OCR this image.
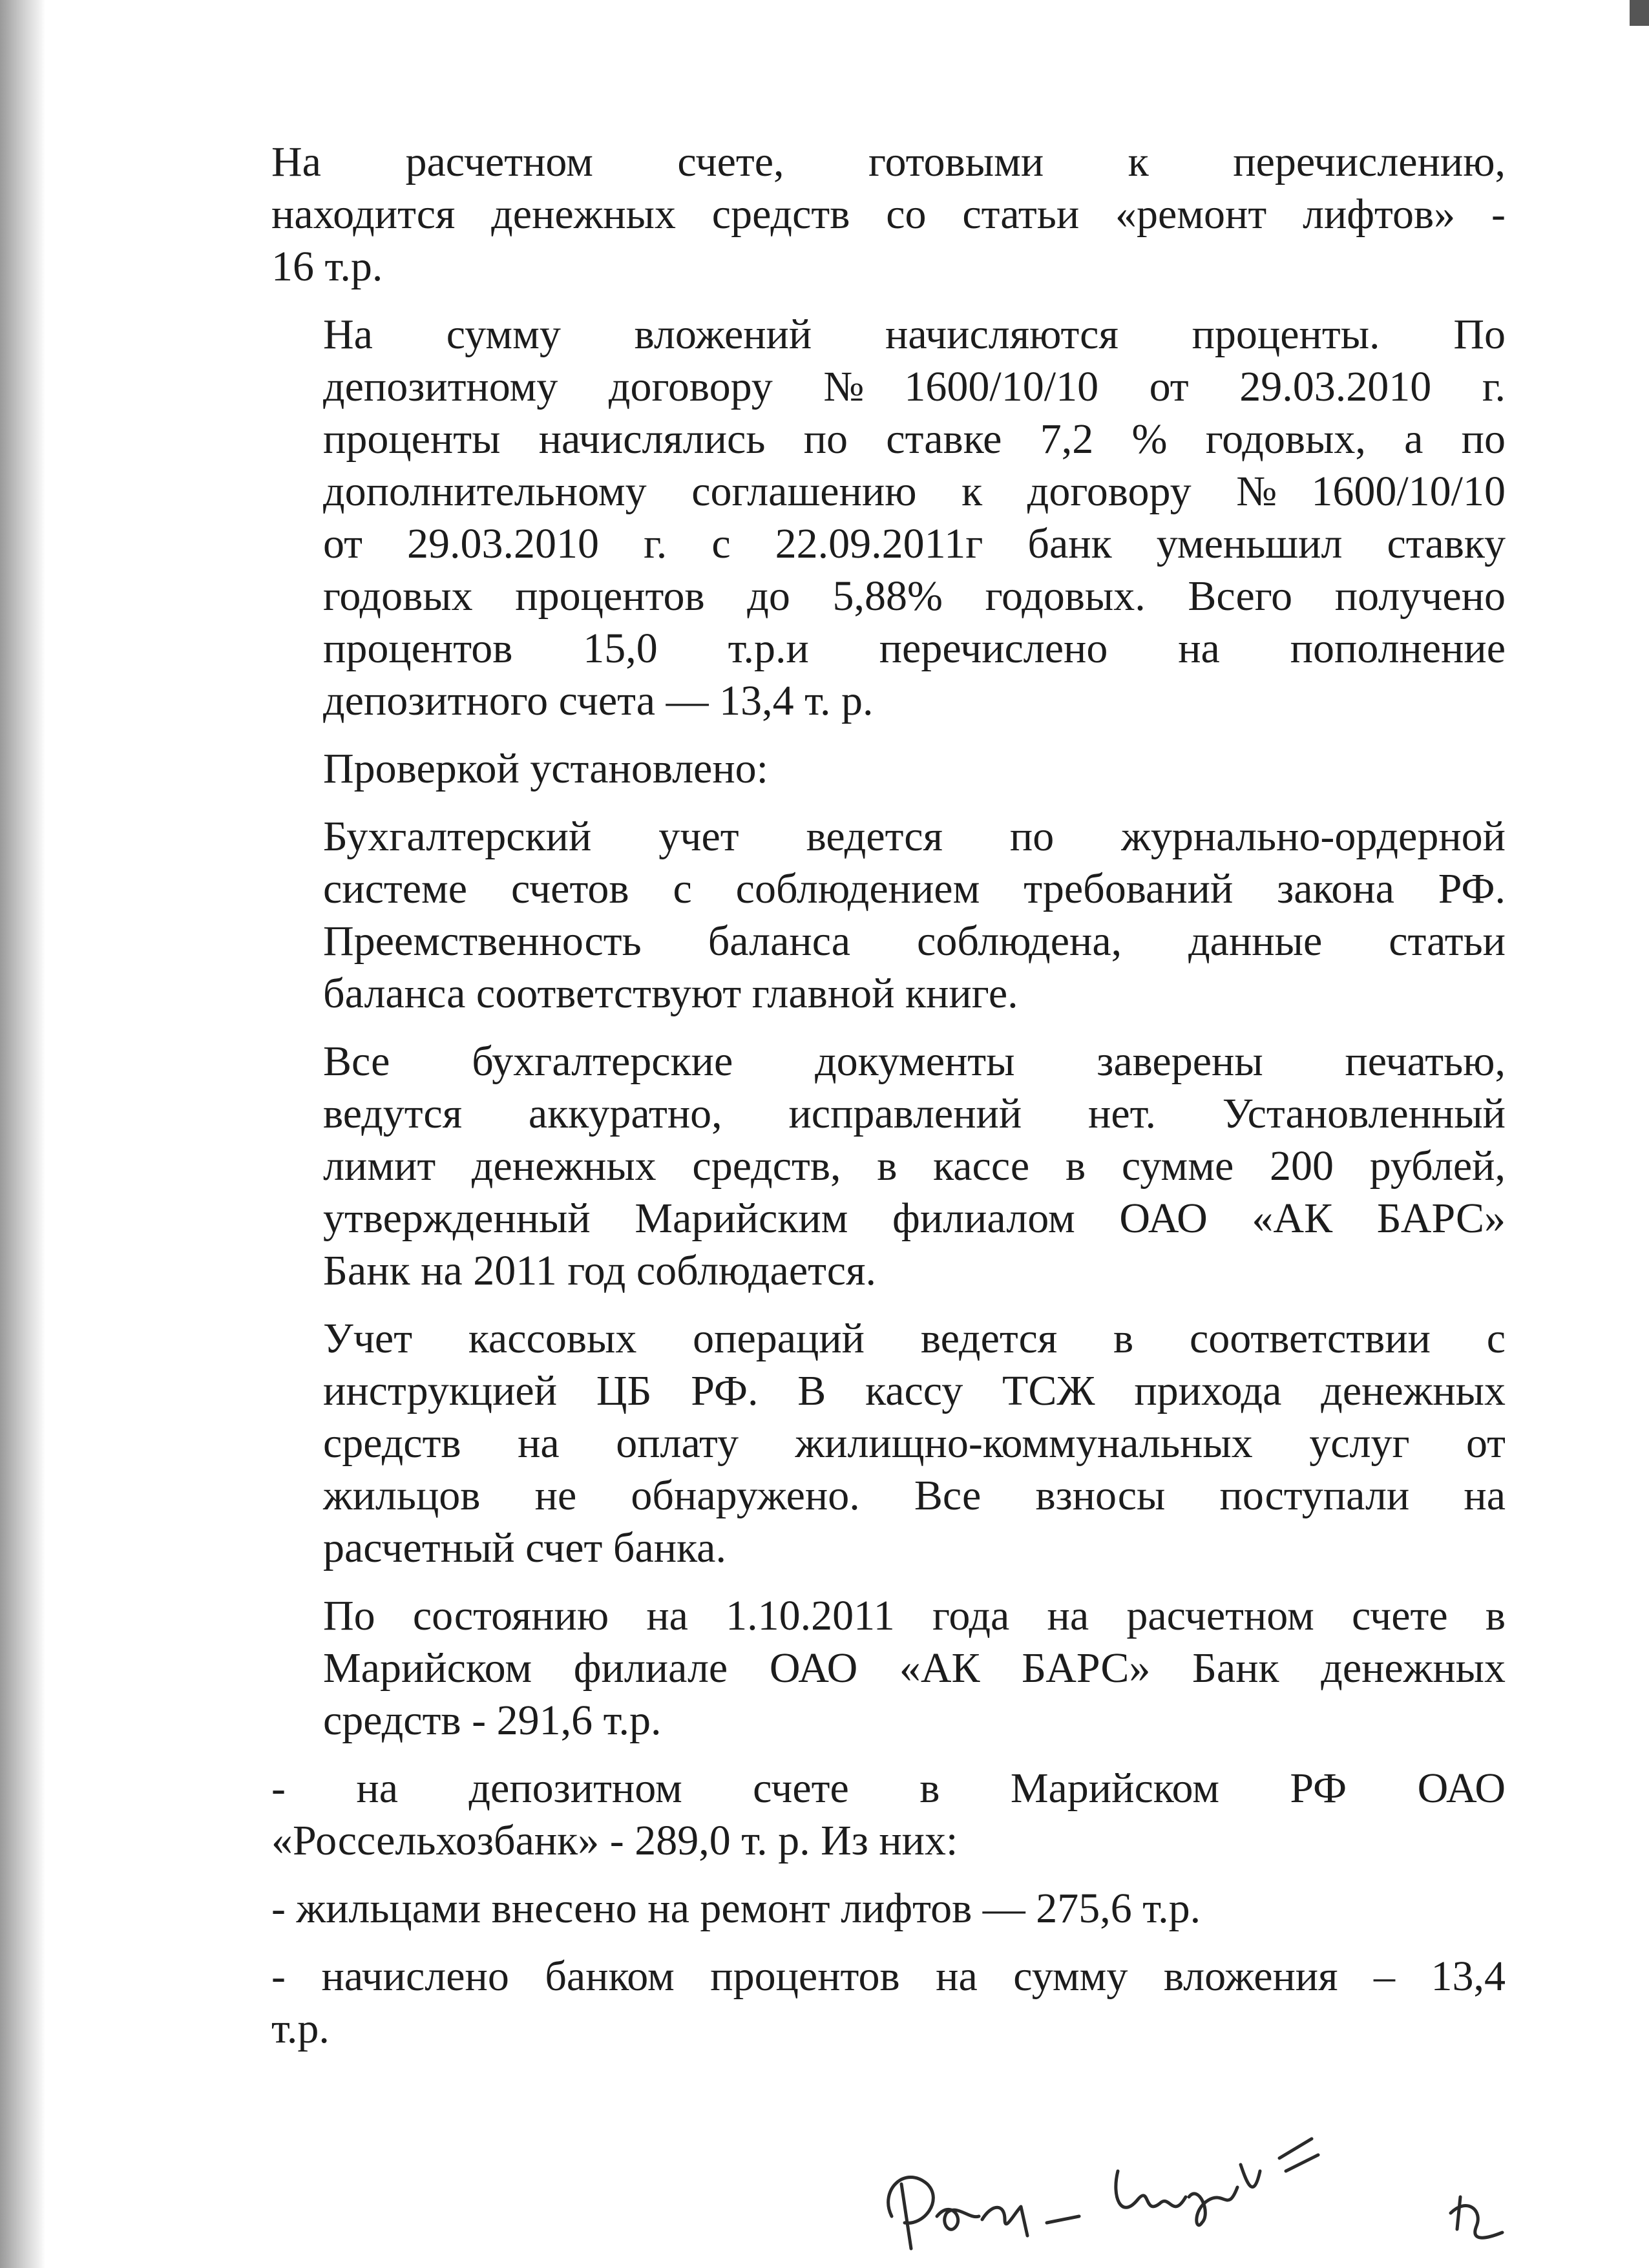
На расчетном счете, готовыми к перечислению,
находится денежных средств со статьи «ремонт лифтов» -
16 т.р.
На сумму вложений начисляются проценты. По
депозитному договору №1600/10/10 от 29.03.2010 г.
проценты начислялись по ставке 7,2 % годовых, а по
дополнительному соглашению к договору №1600/10/10
от 29.03.2010 г. с 22.09.2011г банк уменьшил ставку
годовых процентов до 5,88% годовых. Всего получено
процентов 15,0 т.р.и перечислено на пополнение
депозитного счета — 13,4 т. р.
Проверкой установлено:
Бухгалтерский учет ведется по журнально-ордерной
системе счетов с соблюдением требований закона РФ.
Преемственность баланса соблюдена, данные статьи
баланса соответствуют главной книге.
Все бухгалтерские документы заверены печатью,
ведутся аккуратно, исправлений нет. Установленный
лимит денежных средств, в кассе в сумме 200 рублей,
утвержденный Марийским филиалом ОАО «АК БАРС»
Банк на 2011 год соблюдается.
Учет кассовых операций ведется в соответствии с
инструкцией ЦБ РФ. В кассу ТСЖ прихода денежных
средств на оплату жилищно-коммунальных услуг от
жильцов не обнаружено. Все взносы поступали на
расчетный счет банка.
По состоянию на 1.10.2011 года на расчетном счете в
Марийском филиале ОАО «АК БАРС» Банк денежных
средств - 291,6 т.р.
- на депозитном счете в Марийском РФ ОАО
«Россельхозбанк» - 289,0 т. р. Из них:
- жильцами внесено на ремонт лифтов — 275,6 т.р.
- начислено банком процентов на сумму вложения – 13,4
т.р.
